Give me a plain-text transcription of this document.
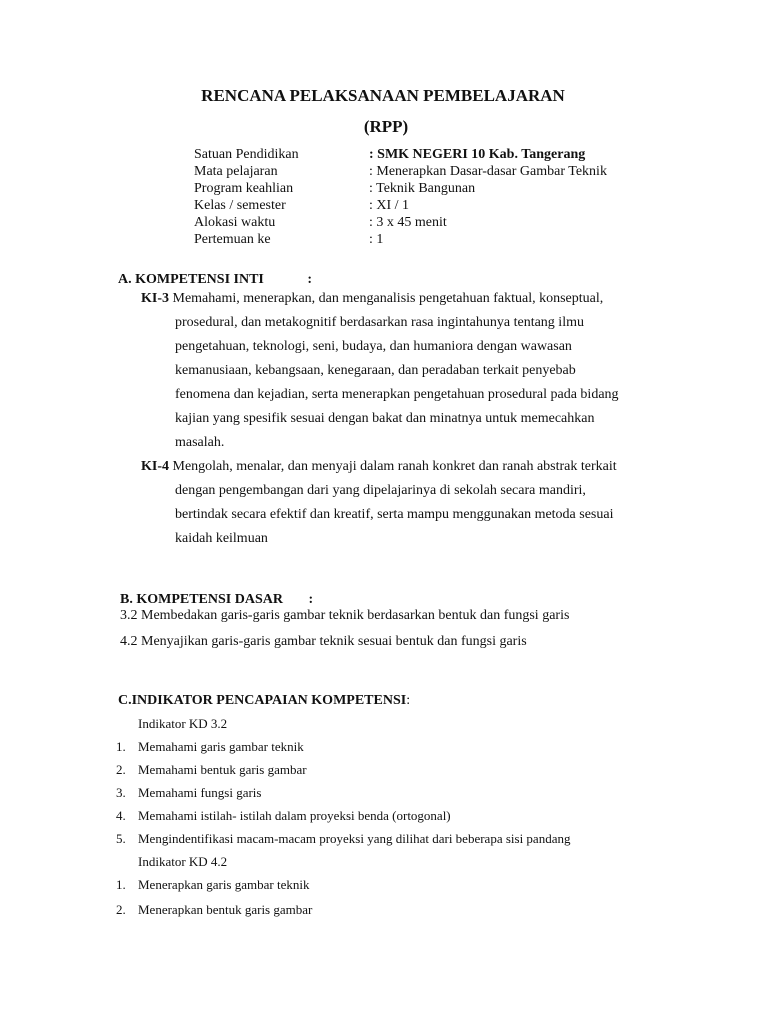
RENCANA PELAKSANAAN PEMBELAJARAN
(RPP)
Satuan Pendidikan	: SMK NEGERI 10 Kab. Tangerang
Mata pelajaran	: Menerapkan Dasar-dasar Gambar Teknik
Program keahlian	: Teknik Bangunan
Kelas / semester	: XI / 1
Alokasi waktu	: 3 x 45 menit
Pertemuan ke	: 1
A. KOMPETENSI INTI	:
KI-3 Memahami, menerapkan, dan menganalisis pengetahuan faktual, konseptual,
prosedural, dan metakognitif berdasarkan rasa ingintahunya tentang ilmu
pengetahuan, teknologi, seni, budaya, dan humaniora dengan wawasan
kemanusiaan, kebangsaan, kenegaraan, dan peradaban terkait penyebab
fenomena dan kejadian, serta menerapkan pengetahuan prosedural pada bidang
kajian yang spesifik sesuai dengan bakat dan minatnya untuk memecahkan
masalah.
KI-4 Mengolah, menalar, dan menyaji dalam ranah konkret dan ranah abstrak terkait
dengan pengembangan dari yang dipelajarinya di sekolah secara mandiri,
bertindak secara efektif dan kreatif, serta mampu menggunakan metoda sesuai
kaidah keilmuan
B. KOMPETENSI DASAR :
3.2 Membedakan garis-garis gambar teknik berdasarkan bentuk dan fungsi garis
4.2 Menyajikan garis-garis gambar teknik sesuai bentuk dan fungsi garis
C.INDIKATOR PENCAPAIAN KOMPETENSI:
Indikator KD 3.2
1. Memahami garis gambar teknik
2. Memahami bentuk garis gambar
3. Memahami fungsi garis
4. Memahami istilah- istilah dalam proyeksi benda (ortogonal)
5. Mengindentifikasi macam-macam proyeksi yang dilihat dari beberapa sisi pandang
Indikator KD 4.2
1. Menerapkan garis gambar teknik
2. Menerapkan bentuk garis gambar
